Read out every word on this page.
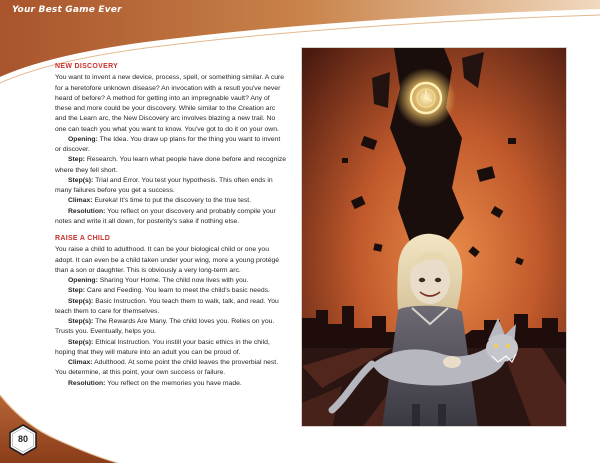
Your Best Game Ever
NEW DISCOVERY

You want to invent a new device, process, spell, or something similar. A cure for a heretofore unknown disease? An invocation with a result you've never heard of before? A method for getting into an impregnable vault? Any of these and more could be your discovery. While similar to the Creation arc and the Learn arc, the New Discovery arc involves blazing a new trail. No one can teach you what you want to know. You've got to do it on your own.

Opening: The Idea. You draw up plans for the thing you want to invent or discover.

Step: Research. You learn what people have done before and recognize where they fell short.

Step(s): Trial and Error. You test your hypothesis. This often ends in many failures before you get a success.

Climax: Eureka! It's time to put the discovery to the true test.

Resolution: You reflect on your discovery and probably compile your notes and write it all down, for posterity's sake if nothing else.

RAISE A CHILD

You raise a child to adulthood. It can be your biological child or one you adopt. It can even be a child taken under your wing, more a young protégé than a son or daughter. This is obviously a very long-term arc.

Opening: Sharing Your Home. The child now lives with you.

Step: Care and Feeding. You learn to meet the child's basic needs.

Step(s): Basic Instruction. You teach them to walk, talk, and read. You teach them to care for themselves.

Step(s): The Rewards Are Many. The child loves you. Relies on you. Trusts you. Eventually, helps you.

Step(s): Ethical Instruction. You instill your basic ethics in the child, hoping that they will mature into an adult you can be proud of.

Climax: Adulthood. At some point the child leaves the proverbial nest. You determine, at this point, your own success or failure.

Resolution: You reflect on the memories you have made.

80
